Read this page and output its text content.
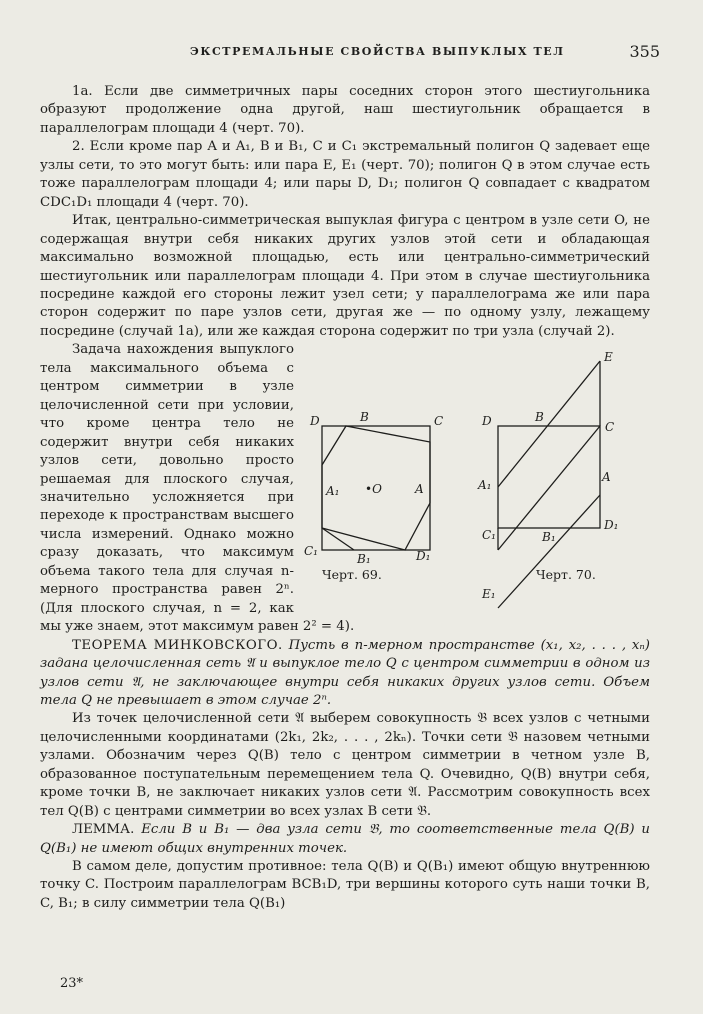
ЭКСТРЕМАЛЬНЫЕ СВОЙСТВА ВЫПУКЛЫХ ТЕЛ	355

1a. Если две симметричных пары соседних сторон этого шестиугольника образуют продолжение одна другой, наш шестиугольник обращается в параллелограм площади 4 (черт. 70).

2. Если кроме пар A и A₁, B и B₁, C и C₁ экстремальный полигон Q задевает еще узлы сети, то это могут быть: или пара E, E₁ (черт. 70); полигон Q в этом случае есть тоже параллелограм площади 4; или пары D, D₁; полигон Q совпадает с квадратом CDC₁D₁ площади 4 (черт. 70).

Итак, центрально-симметрическая выпуклая фигура с центром в узле сети O, не содержащая внутри себя никаких других узлов этой сети и обладающая максимально возможной площадью, есть или центрально-симметрический шестиугольник или параллелограм площади 4. При этом в случае шестиугольника посредине каждой его стороны лежит узел сети; у параллелограма же или пара сторон содержит по паре узлов сети, другая же — по одному узлу, лежащему посредине (случай 1a), или же каждая сторона содержит по три узла (случай 2).

D	B	C
A₁ •O	A
C₁
B₁	D₁
E
D	B
C
A₁
A
C₁	B₁
D₁
E₁
Черт. 69.	Черт. 70.

Задача нахождения выпуклого тела максимального объема с центром симметрии в узле целочисленной сети при условии, что кроме центра тело не содержит внутри себя никаких узлов сети, довольно просто решаемая для плоского случая, значительно усложняется при переходе к пространствам высшего числа измерений. Однако можно сразу доказать, что максимум объема такого тела для случая n-мерного пространства равен 2ⁿ. (Для плоского случая, n = 2, как мы уже знаем, этот максимум равен 2² = 4).

ТЕОРЕМА МИНКОВСКОГО. Пусть в n-мерном пространстве (x₁, x₂, . . . , xₙ) задана целочисленная сеть 𝔄 и выпуклое тело Q с центром симметрии в одном из узлов сети 𝔄, не заключающее внутри себя никаких других узлов сети. Объем тела Q не превышает в этом случае 2ⁿ.

Из точек целочисленной сети 𝔄 выберем совокупность 𝔅 всех узлов с четными целочисленными координатами (2k₁, 2k₂, . . . , 2kₙ). Точки сети 𝔅 назовем четными узлами. Обозначим через Q(B) тело с центром симметрии в четном узле B, образованное поступательным перемещением тела Q. Очевидно, Q(B) внутри себя, кроме точки B, не заключает никаких узлов сети 𝔄. Рассмотрим совокупность всех тел Q(B) с центрами симметрии во всех узлах B сети 𝔅.

ЛЕММА. Если B и B₁ — два узла сети 𝔅, то соответственные тела Q(B) и Q(B₁) не имеют общих внутренних точек.

В самом деле, допустим противное: тела Q(B) и Q(B₁) имеют общую внутреннюю точку C. Построим параллелограм BCB₁D, три вершины которого суть наши точки B, C, B₁; в силу симметрии тела Q(B₁)

23*
